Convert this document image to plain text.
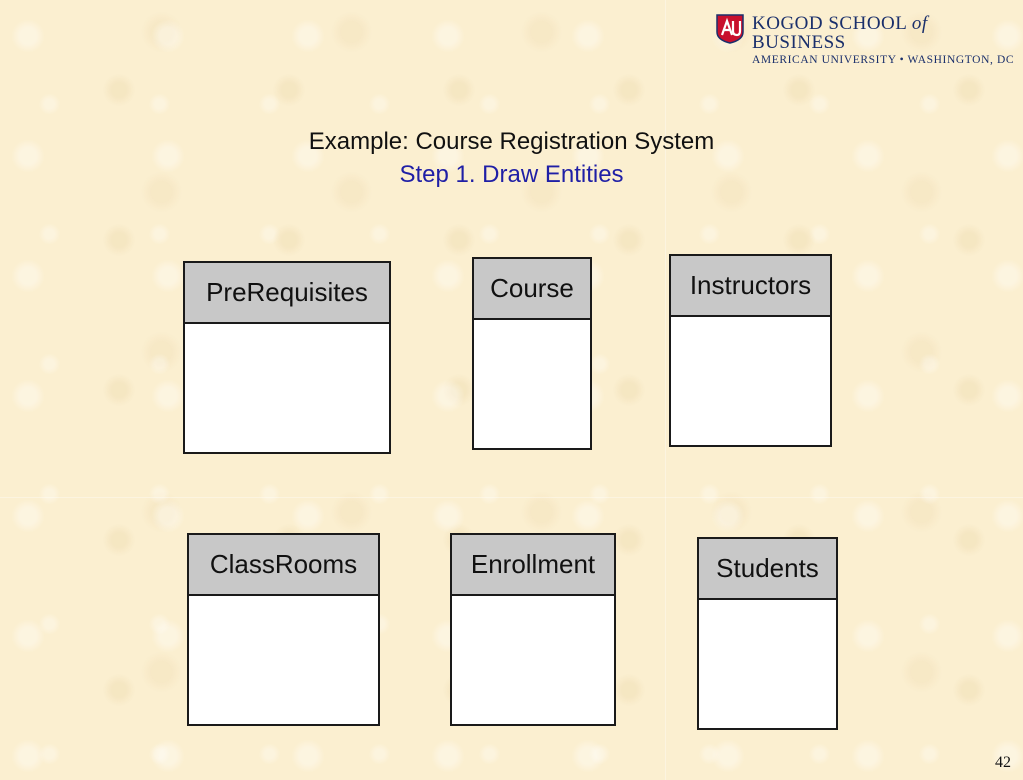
KOGOD SCHOOL of BUSINESS
AMERICAN UNIVERSITY • WASHINGTON, DC
Example: Course Registration System
Step 1. Draw Entities
PreRequisites	Course	Instructors
ClassRooms	Enrollment	Students
42
